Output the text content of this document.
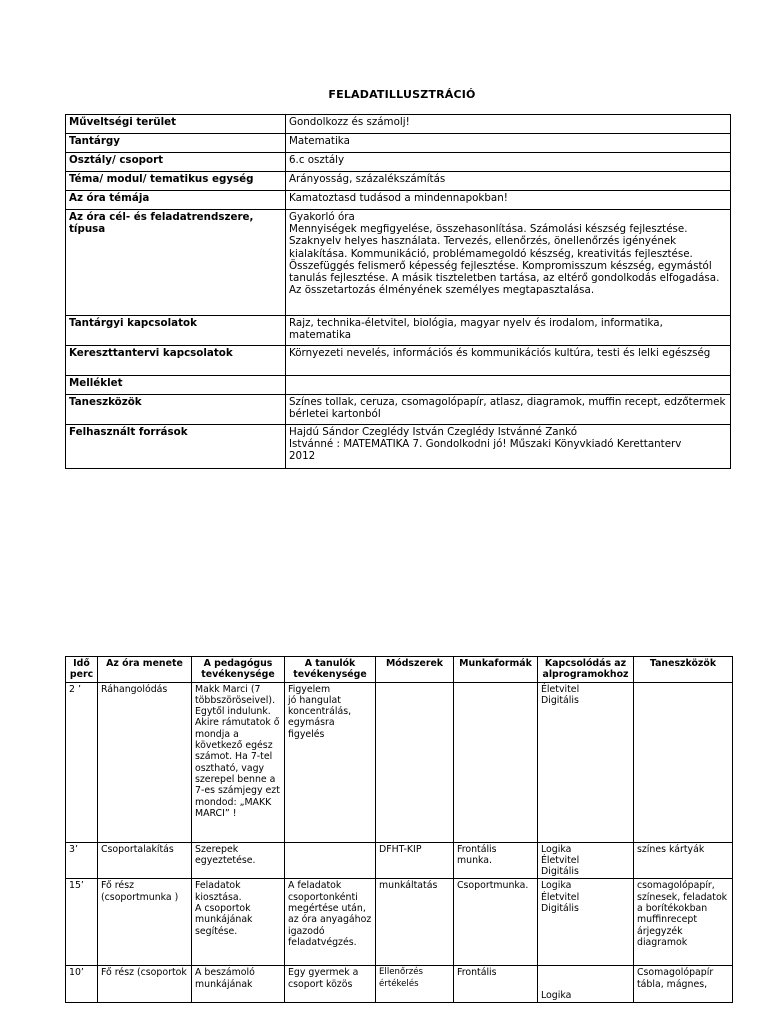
FELADATILLUSZTRÁCIÓ
Műveltségi terület	Gondolkozz és számolj!
Tantárgy	Matematika
Osztály/ csoport	6.c osztály
Téma/ modul/ tematikus egység	Arányosság, százalékszámítás
Az óra témája	Kamatoztasd tudásod a mindennapokban!
Az óra cél- és feladatrendszere, típusa	Gyakorló óra
Mennyiségek megfigyelése, összehasonlítása. Számolási készség fejlesztése. Szaknyelv helyes használata. Tervezés, ellenőrzés, önellenőrzés igényének kialakítása. Kommunikáció, problémamegoldó készség, kreativitás fejlesztése. Összefüggés felismerő képesség fejlesztése. Kompromisszum készség, egymástól tanulás fejlesztése. A másik tiszteletben tartása, az eltérő gondolkodás elfogadása. Az összetartozás élményének személyes megtapasztalása.
Tantárgyi kapcsolatok	Rajz, technika-életvitel, biológia, magyar nyelv és irodalom, informatika, matematika
Kereszttantervi kapcsolatok	Környezeti nevelés, információs és kommunikációs kultúra, testi és lelki egészség
Melléklet	
Taneszközök	Színes tollak, ceruza, csomagolópapír, atlasz, diagramok, muffin recept, edzőtermek bérletei kartonból
Felhasznált források	Hajdú Sándor Czeglédy István Czeglédy Istvánné Zankó
Istvánné : MATEMATIKA 7. Gondolkodni jó! Műszaki Könyvkiadó Kerettanterv
2012
Idő perc	Az óra menete	A pedagógus tevékenysége	A tanulók tevékenysége	Módszerek	Munkaformák	Kapcsolódás az alprogramokhoz	Taneszközök
2 ’	Ráhangolódás	Makk Marci (7 többszöröseivel). Egytől indulunk. Akire rámutatok ő mondja a következő egész számot. Ha 7-tel osztható, vagy szerepel benne a 7-es számjegy ezt mondod: „MAKK MARCI” !	Figyelem
jó hangulat koncentrálás, egymásra figyelés			Életvitel
Digitális	
3’	Csoportalakítás	Szerepek egyeztetése.		DFHT-KIP	Frontális munka.	Logika
Életvitel
Digitális	színes kártyák
15’	Fő rész (csoportmunka )	Feladatok kiosztása.
A csoportok munkájának segítése.	A feladatok csoportonkénti megértése után, az óra anyagához igazodó feladatvégzés.	munkáltatás	Csoportmunka.	Logika
Életvitel
Digitális	csomagolópapír, színesek, feladatok a borítékokban muffinrecept árjegyzék diagramok
10’	Fő rész (csoportok	A beszámoló munkájának	Egy gyermek a csoport közös	Ellenőrzés értékelés	Frontális	Logika	Csomagolópapír tábla, mágnes,
